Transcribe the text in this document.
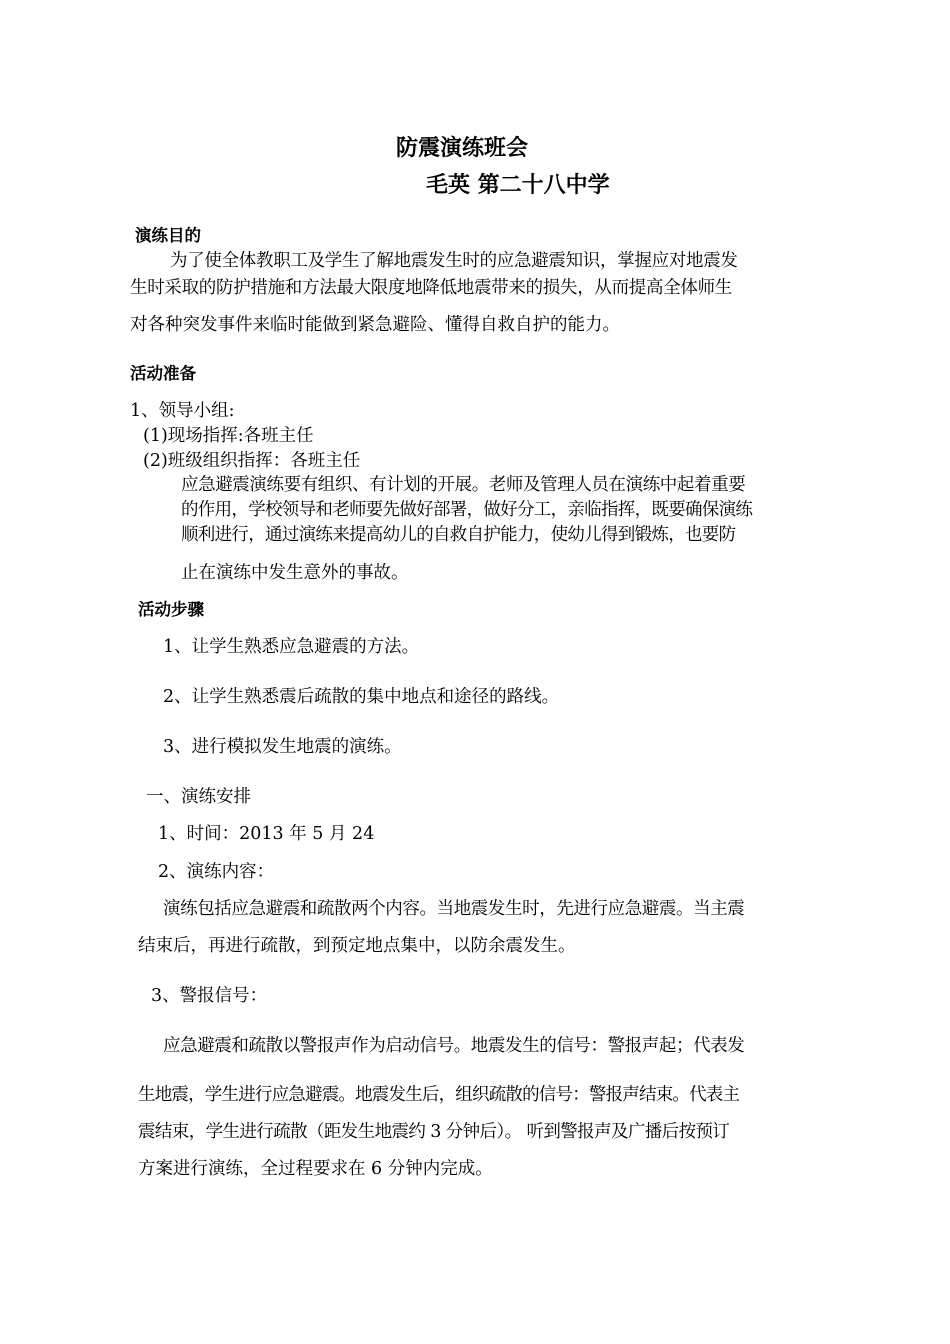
防震演练班会
毛英 第二十八中学
演练目的
为了使全体教职工及学生了解地震发生时的应急避震知识，掌握应对地震发
生时采取的防护措施和方法最大限度地降低地震带来的损失，从而提高全体师生
对各种突发事件来临时能做到紧急避险、懂得自救自护的能力。
活动准备
1、领导小组:
(1)现场指挥:各班主任
(2)班级组织指挥：各班主任
应急避震演练要有组织、有计划的开展。老师及管理人员在演练中起着重要
的作用，学校领导和老师要先做好部署，做好分工，亲临指挥，既要确保演练
顺利进行，通过演练来提高幼儿的自救自护能力，使幼儿得到锻炼，也要防
止在演练中发生意外的事故。
活动步骤
1、让学生熟悉应急避震的方法。
2、让学生熟悉震后疏散的集中地点和途径的路线。
3、进行模拟发生地震的演练。
一、演练安排
1、时间：2013 年 5 月 24
2、演练内容：
演练包括应急避震和疏散两个内容。当地震发生时，先进行应急避震。当主震
结束后，再进行疏散，到预定地点集中，以防余震发生。
3、警报信号：
应急避震和疏散以警报声作为启动信号。地震发生的信号：警报声起；代表发
生地震，学生进行应急避震。地震发生后，组织疏散的信号：警报声结束。代表主
震结束，学生进行疏散（距发生地震约 3 分钟后）。 听到警报声及广播后按预订
方案进行演练，全过程要求在 6 分钟内完成。
